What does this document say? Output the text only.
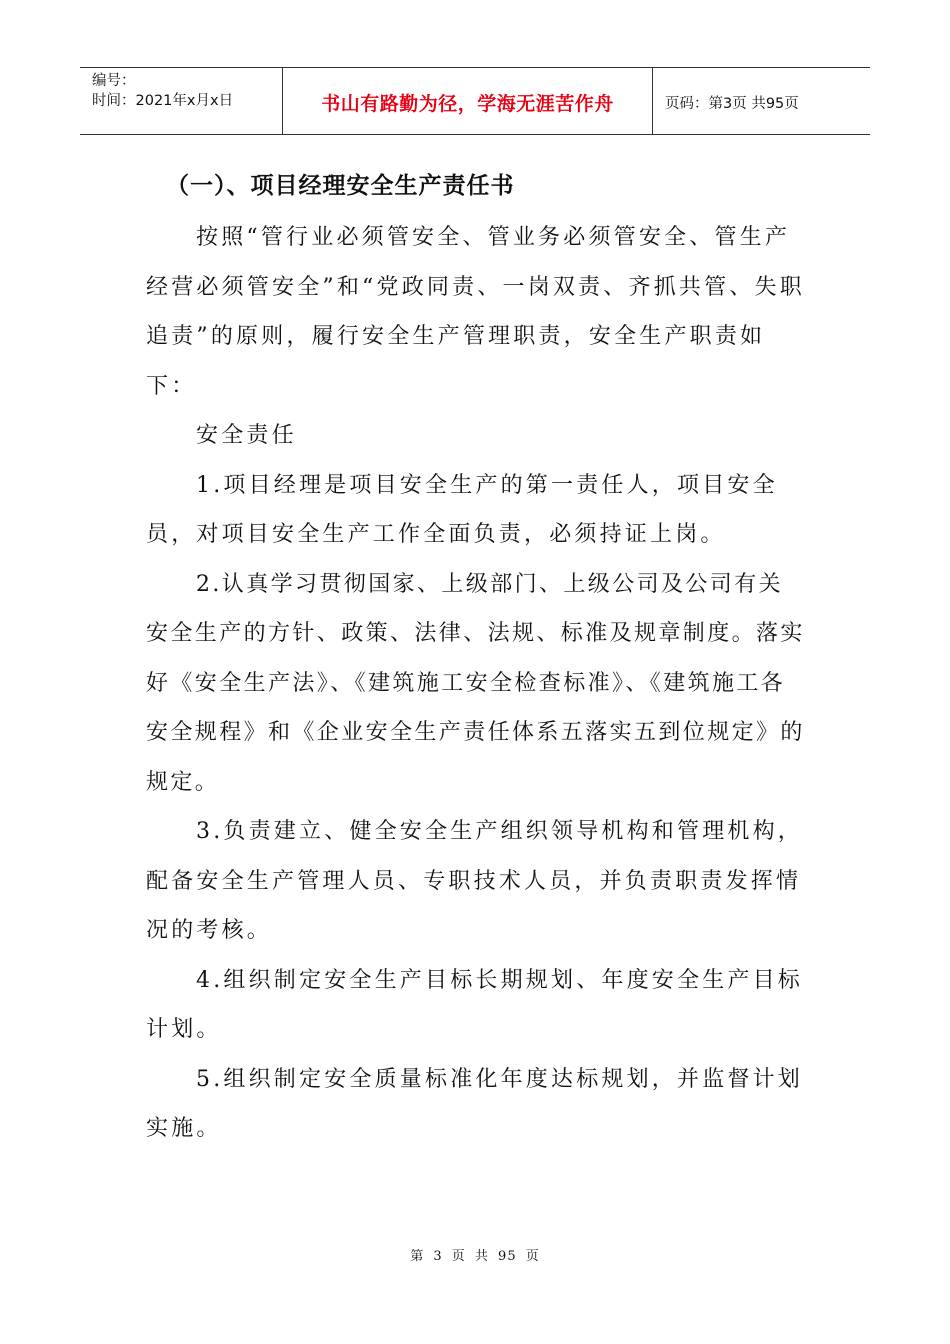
编号：
时间：2021年x月x日	书山有路勤为径，学海无涯苦作舟	页码：第3页 共95页
（一）、项目经理安全生产责任书

按照“管行业必须管安全、管业务必须管安全、管生产经营必须管安全”和“党政同责、一岗双责、齐抓共管、失职追责”的原则，履行安全生产管理职责，安全生产职责如下：

安全责任

1.项目经理是项目安全生产的第一责任人，项目安全员，对项目安全生产工作全面负责，必须持证上岗。

2.认真学习贯彻国家、上级部门、上级公司及公司有关安全生产的方针、政策、法律、法规、标准及规章制度。落实好《安全生产法》、《建筑施工安全检查标准》、《建筑施工各安全规程》和《企业安全生产责任体系五落实五到位规定》的规定。

3.负责建立、健全安全生产组织领导机构和管理机构，配备安全生产管理人员、专职技术人员，并负责职责发挥情况的考核。

4.组织制定安全生产目标长期规划、年度安全生产目标计划。

5.组织制定安全质量标准化年度达标规划，并监督计划实施。

第 3 页 共 95 页
